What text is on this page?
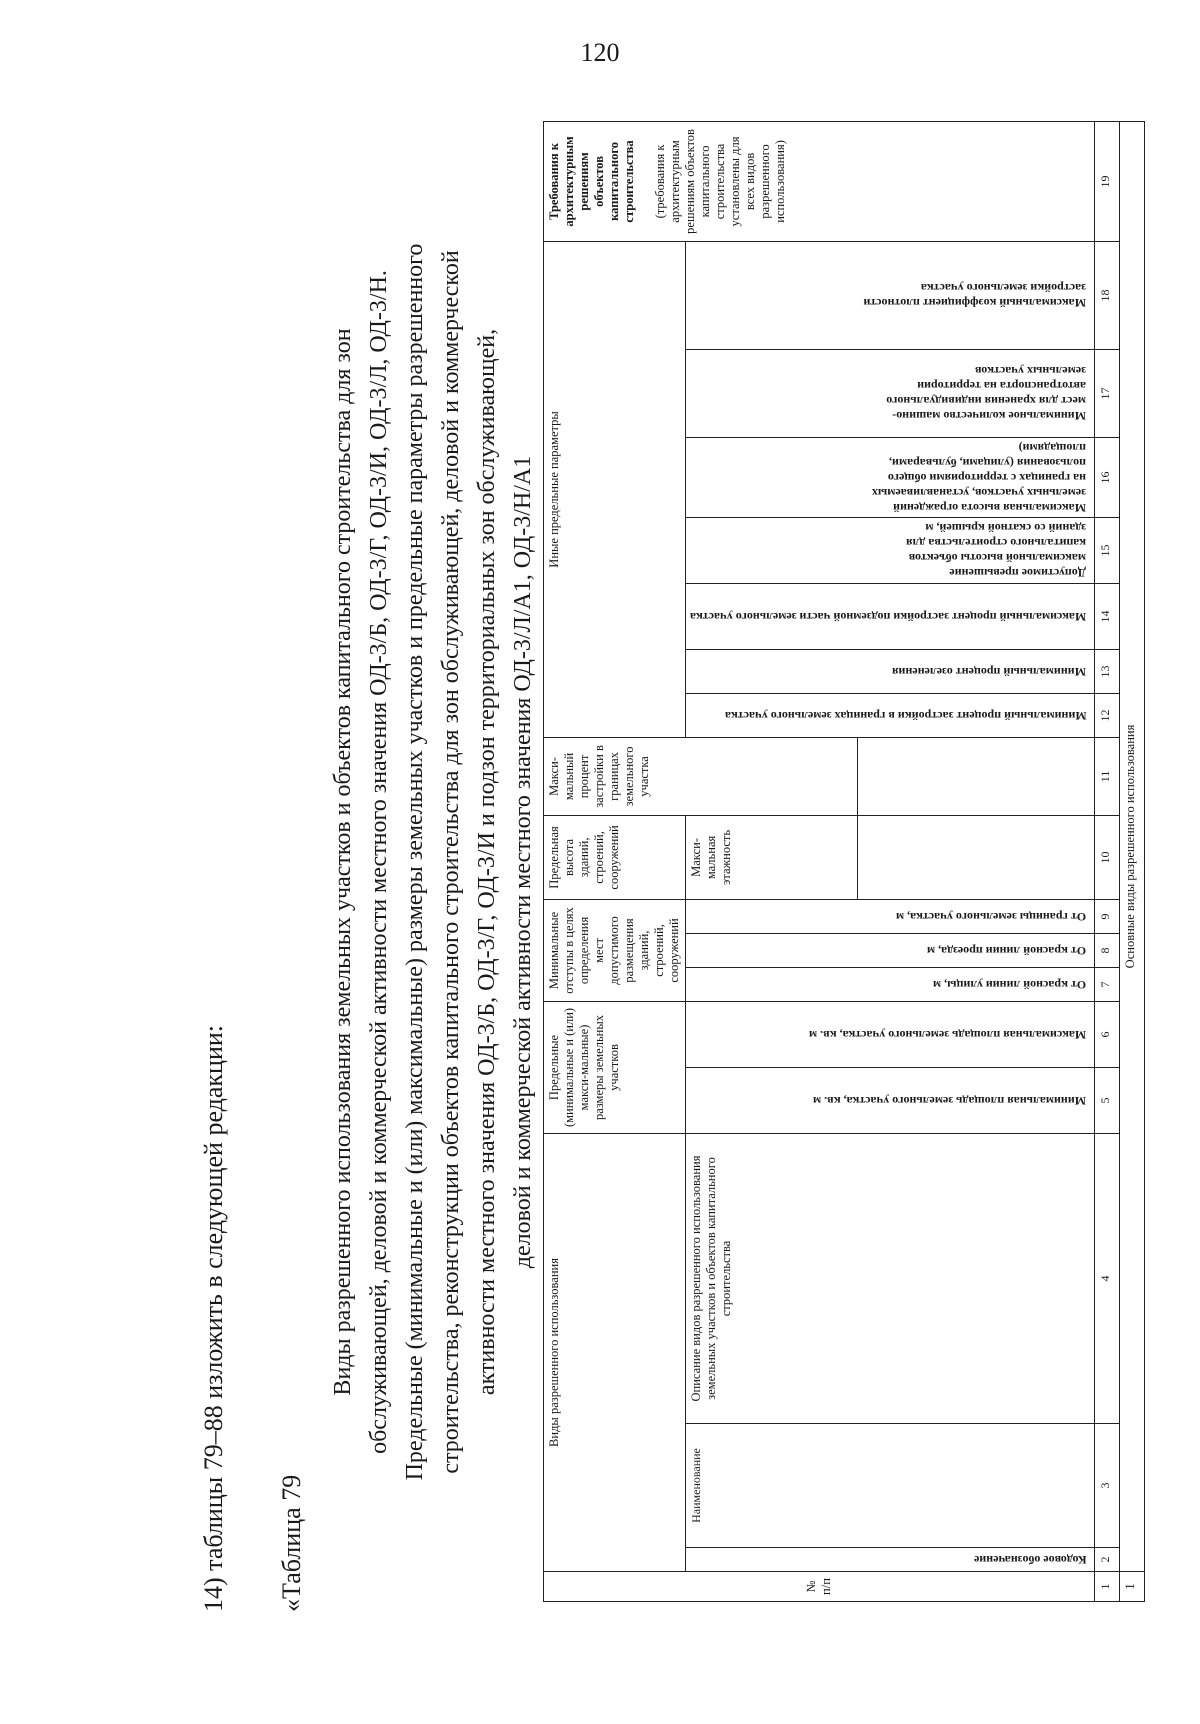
120
14) таблицы 79–88 изложить в следующей редакции: «Таблица 79

Виды разрешенного использования земельных участков и объектов капитального строительства для зон обслуживающей, деловой и коммерческой активности местного значения ОД-3/Б, ОД-3/Г, ОД-3/И, ОД-3/Л, ОД-3/Н. Предельные (минимальные и (или) максимальные) размеры земельных участков и предельные параметры разрешенного строительства, реконструкции объектов капитального строительства для зон обслуживающей, деловой и коммерческой активности местного значения ОД-3/Б, ОД-3/Г, ОД-3/И и подзон территориальных зон обслуживающей, деловой и коммерческой активности местного значения ОД-3/Л/А1, ОД-3/Н/А1

№ п/п	Виды разрешенного использования			Предельные (минимальные и (или) макси-мальные) размеры земельных участков		Минимальные отступы в целях определения мест допустимого размещения зданий, строений, сооружений			Предельная высота зданий, строений, сооружений	Макси-мальный процент застройки в границах земельного участка	Иные предельные параметры							Требования к архитектурным решениям объектов капитального строительства (требования к архитектурным решениям объектов капитального строительства установлены для всех видов разрешенного использования)

	Кодовое обозначение	Наименование	Описание видов разрешенного использования земельных участков и объектов капитального строительства	Минимальная площадь земельного участка, кв. м	Максимальная площадь земельного участка, кв. м	От красной линии улицы, м	От красной линии проезда, м	От границы земельного участка, м	Макси-мальная этажность		Минимальный процент застройки в границах земельного участка	Минимальный процент озеленения	Максимальный процент застройки подземной части земельного участка	Допустимое превышение максимальной высоты объектов капитального строительства для зданий со скатной крышей, м	Максимальная высота ограждений земельных участков, устанавливаемых на границах с территориями общего пользования (улицами, бульварами, площадями)	Минимальное количество машино-мест для хранения индивидуального автотранспорта на территории земельных участков	Максимальный коэффициент плотности застройки земельного участка	

1	2	3	4	5	6	7	8	9	10	11	12	13	14	15	16	17	18	19
1	Основные виды разрешенного использования																	
